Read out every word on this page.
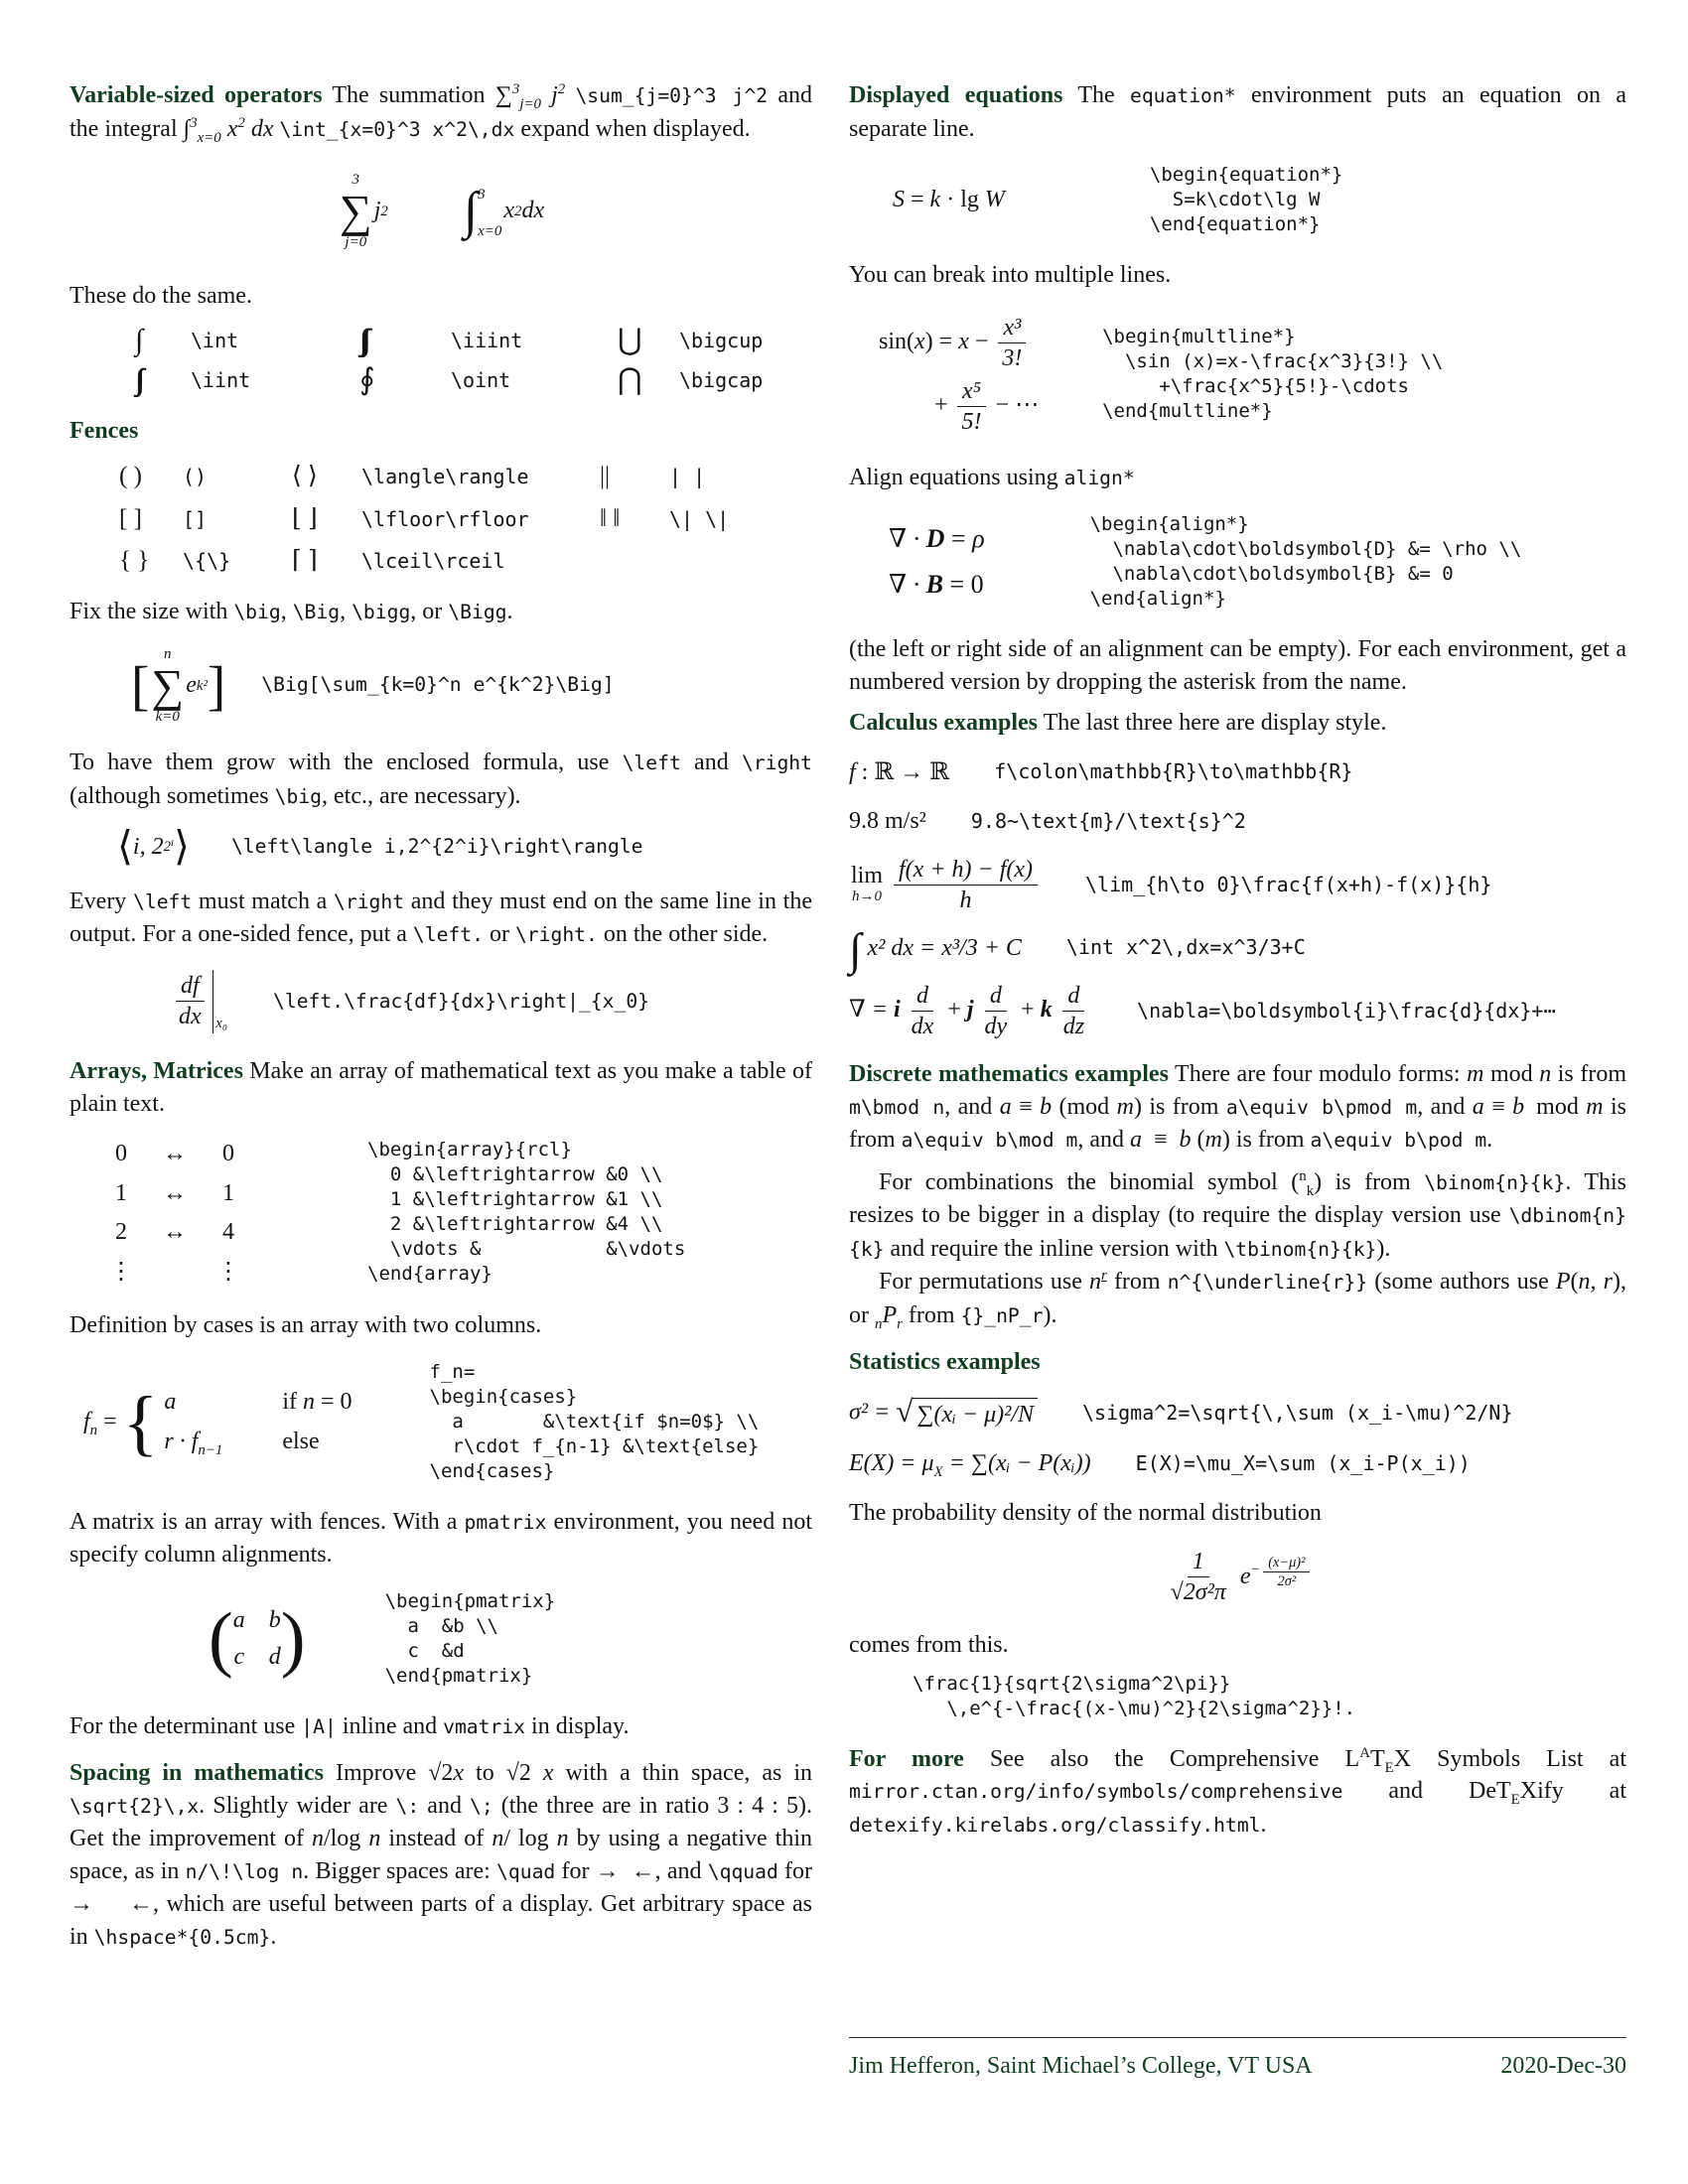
Variable-sized operators The summation ∑$^3_{j=0}$ $j^2$ \sum_{j=0}^3 j^2 and the integral ∫$^3_{x=0}$ $x^2$ dx \int_{x=0}^3 x^2\,dx expand when displayed.

3
∑
j=0
j 2 ∫ 3
x=0
x 2 dx

These do the same.

∫	\int	∫∫∫	\iiint	⋃	\bigcup
∫∫	\iint	∮	\oint	⋂	\bigcap

Fences

( )	()	⟨ ⟩	\langle\rangle	||	| |
[ ]	[]	⌊ ⌋	\lfloor\rfloor	‖ ‖	\| \|
{ }	\{\}	⌈ ⌉	\lceil\rceil

Fix the size with \big, \Big, \bigg, or \Bigg.

[
n
∑
k=0
e k² ] \Big[\sum_{k=0}^n e^{k^2}\Big]

To have them grow with the enclosed formula, use \left and \right (although sometimes \big, etc., are necessary).

⟨ i, 2 2ⁱ ⟩ \left\langle i,2^{2^i}\right\rangle

Every \left must match a \right and they must end on the same line in the output. For a one-sided fence, put a \left. or \right. on the other side.

$\frac{df}{dx} x_0$
\left.\frac{df}{dx}\right|_{x_0}

Arrays, Matrices Make an array of mathematical text as you make a table of plain text.

0 ↔ 0
1 ↔ 1
2 ↔ 4
⋮	⋮
\begin{array}{rcl}
0 &\leftrightarrow &0 \\
1 &\leftrightarrow &1 \\
2 &\leftrightarrow &4 \\
\vdots &           &\vdots
\end{array}

Definition by cases is an array with two columns.

$f_n$ = { a	if n = 0
$r \cdot f_{n-1}$	else
f_n=
\begin{cases}
a       &\text{if $n=0$} \\
r\cdot f_{n-1} &\text{else}
\end{cases}

A matrix is an array with fences. With a pmatrix environment, you need not specify column alignments.

( a b
c d )	\begin{pmatrix}
a  &b \\
c  &d
\end{pmatrix}

For the determinant use |A| inline and vmatrix in display.

Spacing in mathematics Improve √2x to √2 x with a thin space, as in \sqrt{2}\,x. Slightly wider are \: and \; (the three are in ratio 3 : 4 : 5). Get the improvement of n/log n instead of n/ log n by using a negative thin space, as in n/\!\log n. Bigger spaces are: \quad for → ←, and \qquad for →  ←, which are useful between parts of a display. Get arbitrary space as in \hspace*{0.5cm}.

Displayed equations The equation* environment puts an equation on a separate line.

S = k · lg W
\begin{equation*}
S=k\cdot\lg W
\end{equation*}

You can break into multiple lines.

$\sin(x) = x - \frac{\text{x³}}{3!}$
+ $\frac{\text{x⁵}}{5!}$ − ⋯
\begin{multline*}
\sin (x)=x-\frac{x^3}{3!} \\
+\frac{x^5}{5!}-\cdots
\end{multline*}

Align equations using align*

∇ · D = ρ
∇ · B = 0
\begin{align*}
\nabla\cdot\boldsymbol{D} &= \rho \\
\nabla\cdot\boldsymbol{B} &= 0
\end{align*}

(the left or right side of an alignment can be empty). For each environment, get a numbered version by dropping the asterisk from the name.

Calculus examples The last three here are display style.

f : ℝ → ℝ f\colon\mathbb{R}\to\mathbb{R}
9.8 m/s² 9.8~\text{m}/\text{s}^2
lim
$h\to 0 \frac{f(x + h) - f(x)}{h}$ \lim_{h\to 0}\frac{f(x+h)-f(x)}{h}
∫ x² dx = x³/3 + C \int x^2\,dx=x^3/3+C
∇ = i $\frac{d}{dx} + j \frac{d}{dy} + k \frac{d}{dz}$ \nabla=\boldsymbol{i}\frac{d}{dx}+⋯

Discrete mathematics examples There are four modulo forms: m mod n is from m\bmod n, and a ≡ b (mod m) is from a\equiv b\pmod m, and a ≡ b mod m is from a\equiv b\mod m, and a ≡ b (m) is from a\equiv b\pod m.

For combinations the binomial symbol ($^n_k$) is from \binom{n}{k}. This resizes to be bigger in a display (to require the display version use \dbinom{n}{k} and require the inline version with \tbinom{n}{k}).

For permutations use $n^r$ from n^{\underline{r}} (some authors use P(n, r), or $_nP_r$ from {}_nP_r).

Statistics examples

σ² = √ ∑(xᵢ − μ)²/N \sigma^2=\sqrt{\,\sum (x_i-\mu)^2/N}
$E(X) = \mu_X$ = ∑(xᵢ − P(xᵢ)) E(X)=\mu_X=\sum (x_i-P(x_i))

The probability density of the normal distribution

$\frac{1}{\text{√2σ²π}}$ $e - \frac{\text{(x−μ)²}}{\text{2σ²}}$

comes from this.

\frac{1}{sqrt{2\sigma^2\pi}}
\,e^{-\frac{(x-\mu)^2}{2\sigma^2}}!.

For more See also the Comprehensive $L^AT_EX$ Symbols List at mirror.ctan.org/info/symbols/comprehensive and DeT$_E$Xify at detexify.kirelabs.org/classify.html.

Jim Hefferon, Saint Michael’s College, VT USA	2020-Dec-30
